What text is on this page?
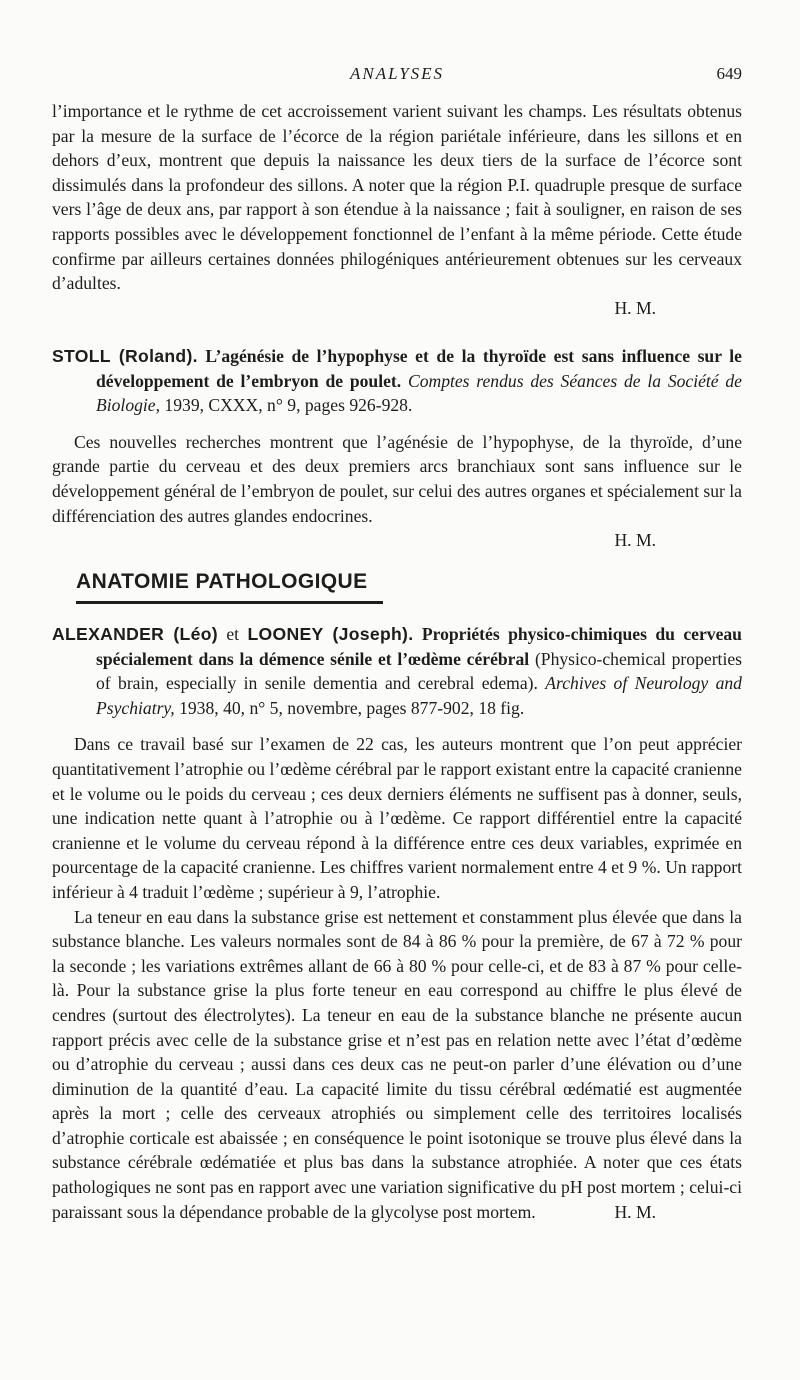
ANALYSES	649

l’importance et le rythme de cet accroissement varient suivant les champs. Les résultats obtenus par la mesure de la surface de l’écorce de la région pariétale inférieure, dans les sillons et en dehors d’eux, montrent que depuis la naissance les deux tiers de la surface de l’écorce sont dissimulés dans la profondeur des sillons. A noter que la région P.I. quadruple presque de surface vers l’âge de deux ans, par rapport à son étendue à la naissance ; fait à souligner, en raison de ses rapports possibles avec le développement fonctionnel de l’enfant à la même période. Cette étude confirme par ailleurs certaines données philogéniques antérieurement obtenues sur les cerveaux d’adultes.

H. M.

STOLL (Roland). L’agénésie de l’hypophyse et de la thyroïde est sans influence sur le développement de l’embryon de poulet. Comptes rendus des Séances de la Société de Biologie, 1939, CXXX, n° 9, pages 926-928.

Ces nouvelles recherches montrent que l’agénésie de l’hypophyse, de la thyroïde, d’une grande partie du cerveau et des deux premiers arcs branchiaux sont sans influence sur le développement général de l’embryon de poulet, sur celui des autres organes et spécialement sur la différenciation des autres glandes endocrines.

H. M.

ANATOMIE PATHOLOGIQUE

ALEXANDER (Léo) et LOONEY (Joseph). Propriétés physico-chimiques du cerveau spécialement dans la démence sénile et l’œdème cérébral (Physico-chemical properties of brain, especially in senile dementia and cerebral edema). Archives of Neurology and Psychiatry, 1938, 40, n° 5, novembre, pages 877-902, 18 fig.

Dans ce travail basé sur l’examen de 22 cas, les auteurs montrent que l’on peut apprécier quantitativement l’atrophie ou l’œdème cérébral par le rapport existant entre la capacité cranienne et le volume ou le poids du cerveau ; ces deux derniers éléments ne suffisent pas à donner, seuls, une indication nette quant à l’atrophie ou à l’œdème. Ce rapport différentiel entre la capacité cranienne et le volume du cerveau répond à la différence entre ces deux variables, exprimée en pourcentage de la capacité cranienne. Les chiffres varient normalement entre 4 et 9 %. Un rapport inférieur à 4 traduit l’œdème ; supérieur à 9, l’atrophie.

La teneur en eau dans la substance grise est nettement et constamment plus élevée que dans la substance blanche. Les valeurs normales sont de 84 à 86 % pour la première, de 67 à 72 % pour la seconde ; les variations extrêmes allant de 66 à 80 % pour celle-ci, et de 83 à 87 % pour celle-là. Pour la substance grise la plus forte teneur en eau correspond au chiffre le plus élevé de cendres (surtout des électrolytes). La teneur en eau de la substance blanche ne présente aucun rapport précis avec celle de la substance grise et n’est pas en relation nette avec l’état d’œdème ou d’atrophie du cerveau ; aussi dans ces deux cas ne peut-on parler d’une élévation ou d’une diminution de la quantité d’eau. La capacité limite du tissu cérébral œdématié est augmentée après la mort ; celle des cerveaux atrophiés ou simplement celle des territoires localisés d’atrophie corticale est abaissée ; en conséquence le point isotonique se trouve plus élevé dans la substance cérébrale œdématiée et plus bas dans la substance atrophiée. A noter que ces états pathologiques ne sont pas en rapport avec une variation significative du pH post mortem ; celui-ci paraissant sous la dépendance probable de la glycolyse post mortem.	H. M.
